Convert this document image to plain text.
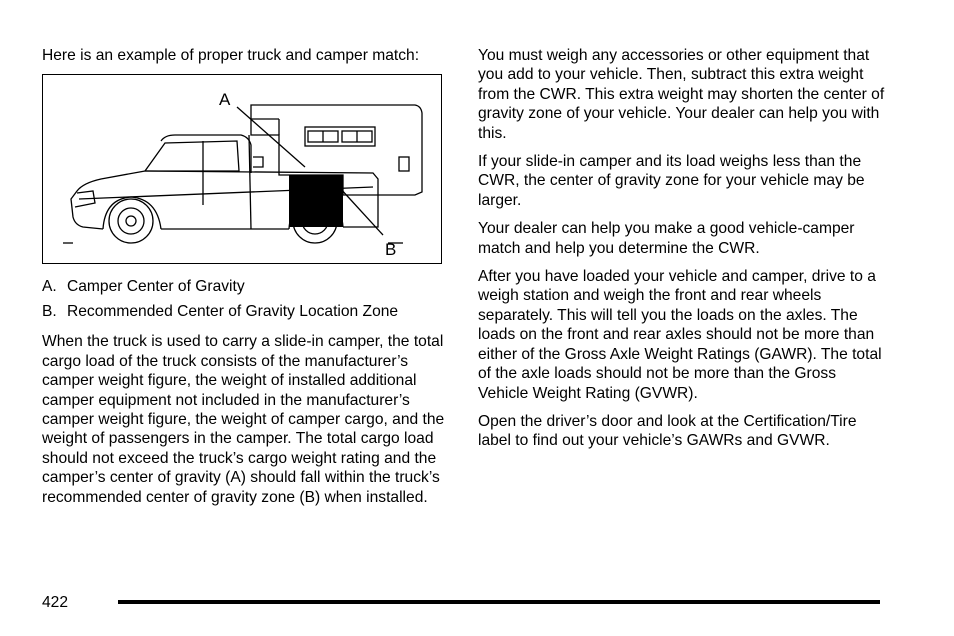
Here is an example of proper truck and camper match:

A
B
A. Camper Center of Gravity
B. Recommended Center of Gravity Location Zone

When the truck is used to carry a slide-in camper, the total cargo load of the truck consists of the manufacturer’s camper weight figure, the weight of installed additional camper equipment not included in the manufacturer’s camper weight figure, the weight of camper cargo, and the weight of passengers in the camper. The total cargo load should not exceed the truck’s cargo weight rating and the camper’s center of gravity (A) should fall within the truck’s recommended center of gravity zone (B) when installed.

You must weigh any accessories or other equipment that you add to your vehicle. Then, subtract this extra weight from the CWR. This extra weight may shorten the center of gravity zone of your vehicle. Your dealer can help you with this.

If your slide-in camper and its load weighs less than the CWR, the center of gravity zone for your vehicle may be larger.

Your dealer can help you make a good vehicle-camper match and help you determine the CWR.

After you have loaded your vehicle and camper, drive to a weigh station and weigh the front and rear wheels separately. This will tell you the loads on the axles. The loads on the front and rear axles should not be more than either of the Gross Axle Weight Ratings (GAWR). The total of the axle loads should not be more than the Gross Vehicle Weight Rating (GVWR).

Open the driver’s door and look at the Certification/Tire label to find out your vehicle’s GAWRs and GVWR.

422
